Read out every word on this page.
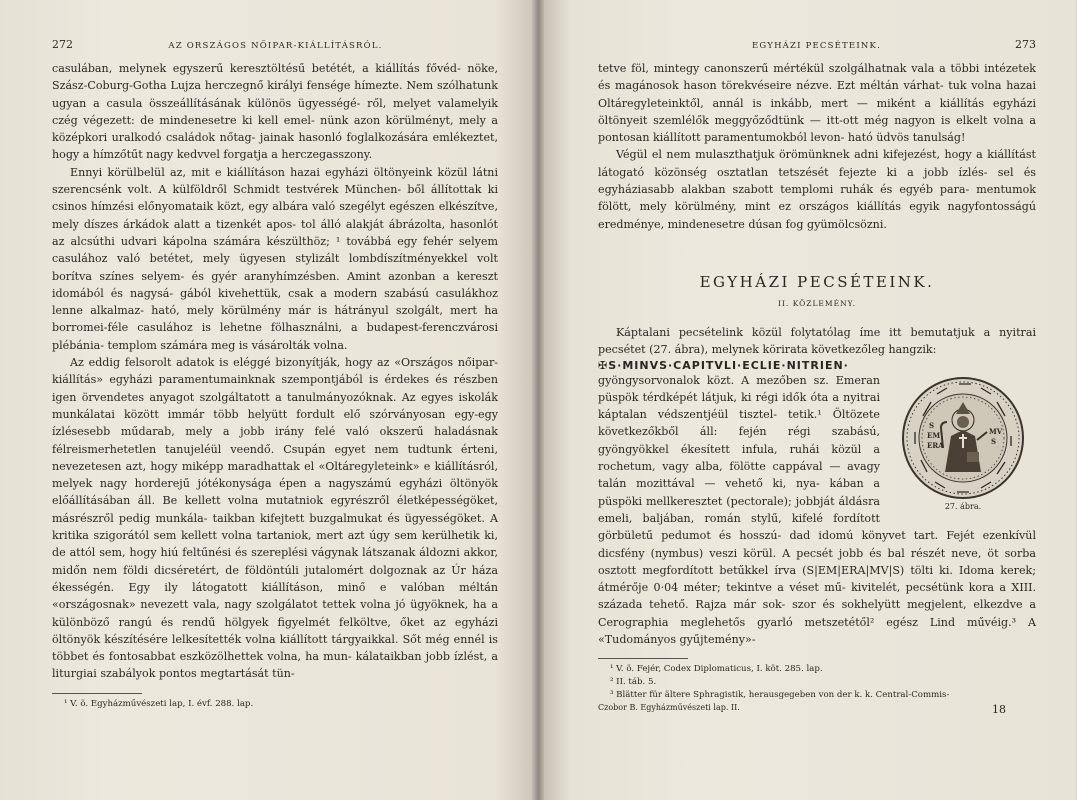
272	AZ ORSZÁGOS NŐIPAR-KIÁLLÍTÁSRÓL.

casulában, melynek egyszerű keresztöltésű betétét, a kiállítás fővéd- nöke, Szász-Coburg-Gotha Lujza herczegnő királyi fensége hímezte. Nem szólhatunk ugyan a casula összeállításának különös ügyességé- ről, melyet valamelyik czég végezett: de mindenesetre ki kell emel- nünk azon körülményt, mely a középkori uralkodó családok nőtag- jainak hasonló foglalkozására emlékeztet, hogy a hímzőtűt nagy kedvvel forgatja a herczegasszony.

Ennyi körülbelül az, mit e kiállításon hazai egyházi öltönyeink közül látni szerencsénk volt. A külföldről Schmidt testvérek München- ből állítottak ki csinos hímzési előnyomataik közt, egy albára való szegélyt egészen elkészítve, mely díszes árkádok alatt a tizenkét apos- tol álló alakját ábrázolta, hasonlót az alcsúthi udvari kápolna számára készülthöz; ¹ továbbá egy fehér selyem casulához való betétet, mely ügyesen stylizált lombdíszítményekkel volt borítva színes selyem- és gyér aranyhímzésben. Amint azonban a kereszt idomából és nagysá- gából kivehettük, csak a modern szabású casulákhoz lenne alkalmaz- ható, mely körülmény már is hátrányul szolgált, mert ha borromei-féle casulához is lehetne fölhasználni, a budapest-ferenczvárosi plébánia- templom számára meg is vásárolták volna.

Az eddig felsorolt adatok is eléggé bizonyítják, hogy az «Országos nőipar-kiállítás» egyházi paramentumainknak szempontjából is érdekes és részben igen örvendetes anyagot szolgáltatott a tanulmányozóknak. Az egyes iskolák munkálatai között immár több helyütt fordult elő szórványosan egy-egy ízlésesebb műdarab, mely a jobb irány felé való okszerű haladásnak félreismerhetetlen tanujeléül veendő. Csupán egyet nem tudtunk érteni, nevezetesen azt, hogy miképp maradhattak el «Oltáregyleteink» e kiállításról, melyek nagy horderejű jótékonysága épen a nagyszámú egyházi öltönyök előállításában áll. Be kellett volna mutatniok egyrészről életképességöket, másrészről pedig munkála- taikban kifejtett buzgalmukat és ügyességöket. A kritika szigorától sem kellett volna tartaniok, mert azt úgy sem kerülhetik ki, de attól sem, hogy hiú feltűnési és szereplési vágynak látszanak áldozni akkor, midőn nem földi dicséretért, de földöntúli jutalomért dolgoznak az Úr háza ékességén. Egy ily látogatott kiállításon, minő e valóban méltán «országosnak» nevezett vala, nagy szolgálatot tettek volna jó ügyöknek, ha a különböző rangú és rendű hölgyek figyelmét felköltve, őket az egyházi öltönyök készítésére lelkesítették volna kiállított tárgyaikkal. Sőt még ennél is többet és fontosabbat eszközölhettek volna, ha mun- kálataikban jobb ízlést, a liturgiai szabályok pontos megtartását tün-

¹ V. ö. Egyházművészeti lap, I. évf. 288. lap.
EGYHÁZI PECSÉTEINK.	273

tetve föl, mintegy canonszerű mértékül szolgálhatnak vala a többi intézetek és magánosok hason törekvéseire nézve. Ezt méltán várhat- tuk volna hazai Oltáregyleteinktől, annál is inkább, mert — miként a kiállítás egyházi öltönyeit szemlélők meggyőződtünk — itt-ott még nagyon is elkelt volna a pontosan kiállított paramentumokból levon- ható üdvös tanulság!

Végül el nem mulaszthatjuk örömünknek adni kifejezést, hogy a kiállítást látogató közönség osztatlan tetszését fejezte ki a jobb ízlés- sel és egyháziasabb alakban szabott templomi ruhák és egyéb para- mentumok fölött, mely körülmény, mint ez országos kiállítás egyik nagyfontosságú eredménye, mindenesetre dúsan fog gyümölcsözni.

EGYHÁZI PECSÉTEINK.
II. KÖZLEMÉNY.

Káptalani pecsételink közül folytatólag íme itt bemutatjuk a nyitrai pecsétet (27. ábra), melynek körirata következőleg hangzik:

✠S·MINVS·CAPITVLI·ECLIE·NITRIEN·
S
EM
ERA
MV
S
27. ábra.

gyöngysorvonalok közt. A mezőben sz. Emeran püspök térdképét látjuk, ki régi idők óta a nyitrai káptalan védszentjéül tisztel- tetik.¹ Öltözete következőkből áll: fején régi szabású, gyöngyökkel ékesített infula, ruhái közül a rochetum, vagy alba, fölötte cappával — avagy talán mozittával — vehető ki, nya- kában a püspöki mellkeresztet (pectorale); jobbját áldásra emeli, baljában, román stylű, kifelé fordított görbületű pedumot és hosszú- dad idomú könyvet tart. Fejét ezenkívül dicsfény (nymbus) veszi körül. A pecsét jobb és bal részét neve, öt sorba osztott megfordított betűkkel írva (S|EM|ERA|MV|S) tölti ki. Idoma kerek; átmérője 0·04 méter; tekintve a véset mű- kivitelét, pecsétünk kora a XIII. százada tehető. Rajza már sok- szor és sokhelyütt megjelent, elkezdve a Cerographia meglehetős gyarló metszetétől² egész Lind művéig.³ A «Tudományos gyűjtemény»-

¹ V. ö. Fejér, Codex Diplomaticus, I. köt. 285. lap.
² II. táb. 5.
³ Blätter für ältere Sphragistik, herausgegeben von der k. k. Central-Commis-
Czobor B. Egyházművészeti lap. II.	18
